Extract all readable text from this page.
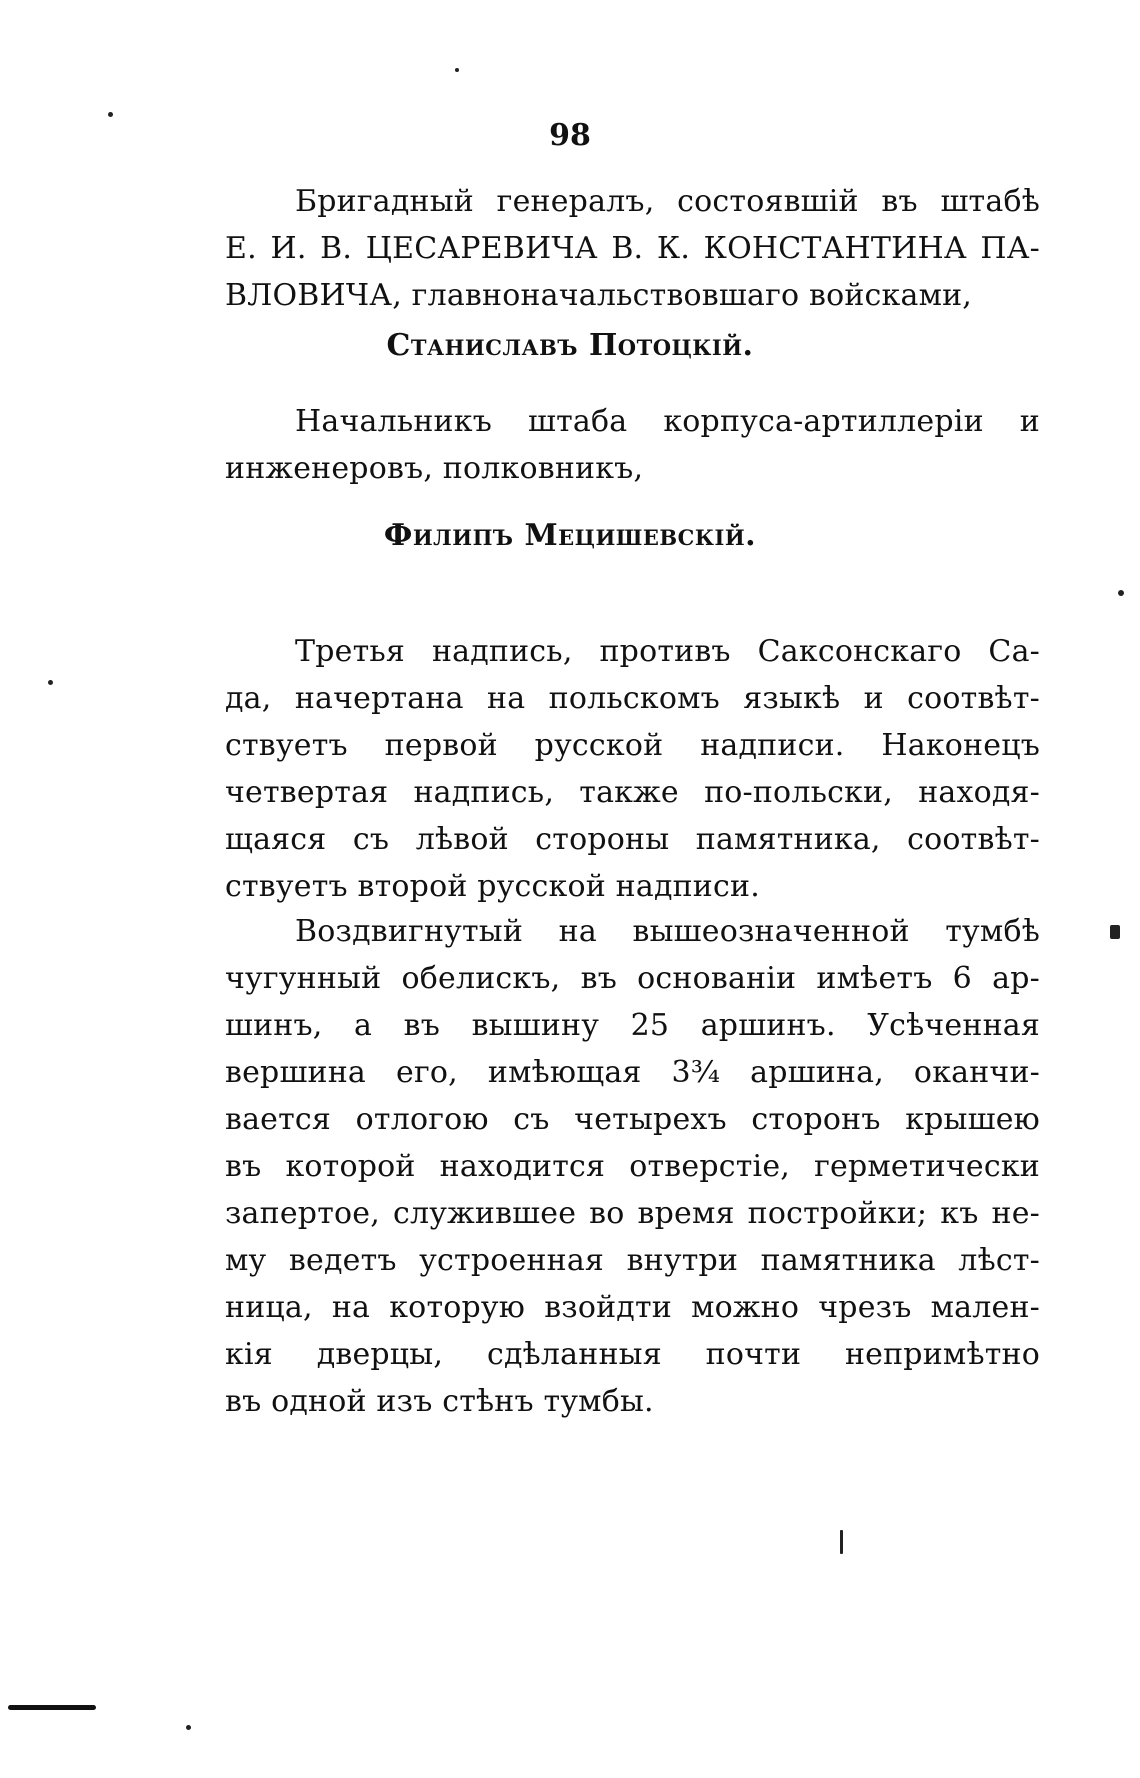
98
Бригадный генералъ, состоявшій въ штабѣ
Е. И. В. ЦЕСАРЕВИЧА В. К. КОНСТАНТИНА ПА-
ВЛОВИЧА, главноначальствовшаго войсками,
Станиславъ Потоцкій.
Начальникъ штаба корпуса-артиллеріи и
инженеровъ, полковникъ,
Филипъ Мецишевскій.
Третья надпись, противъ Саксонскаго Са-
да, начертана на польскомъ языкѣ и соотвѣт-
ствуетъ первой русской надписи. Наконецъ
четвертая надпись, также по-польски, находя-
щаяся съ лѣвой стороны памятника, соотвѣт-
ствуетъ второй русской надписи.
Воздвигнутый на вышеозначенной тумбѣ
чугунный обелискъ, въ основаніи имѣетъ 6 ар-
шинъ, а въ вышину 25 аршинъ. Усѣченная
вершина его, имѣющая 3¾ аршина, оканчи-
вается отлогою съ четырехъ сторонъ крышею
въ которой находится отверстіе, герметически
запертое, служившее во время постройки; къ не-
му ведетъ устроенная внутри памятника лѣст-
ница, на которую взойдти можно чрезъ мален-
кія дверцы, сдѣланныя почти непримѣтно
въ одной изъ стѣнъ тумбы.
